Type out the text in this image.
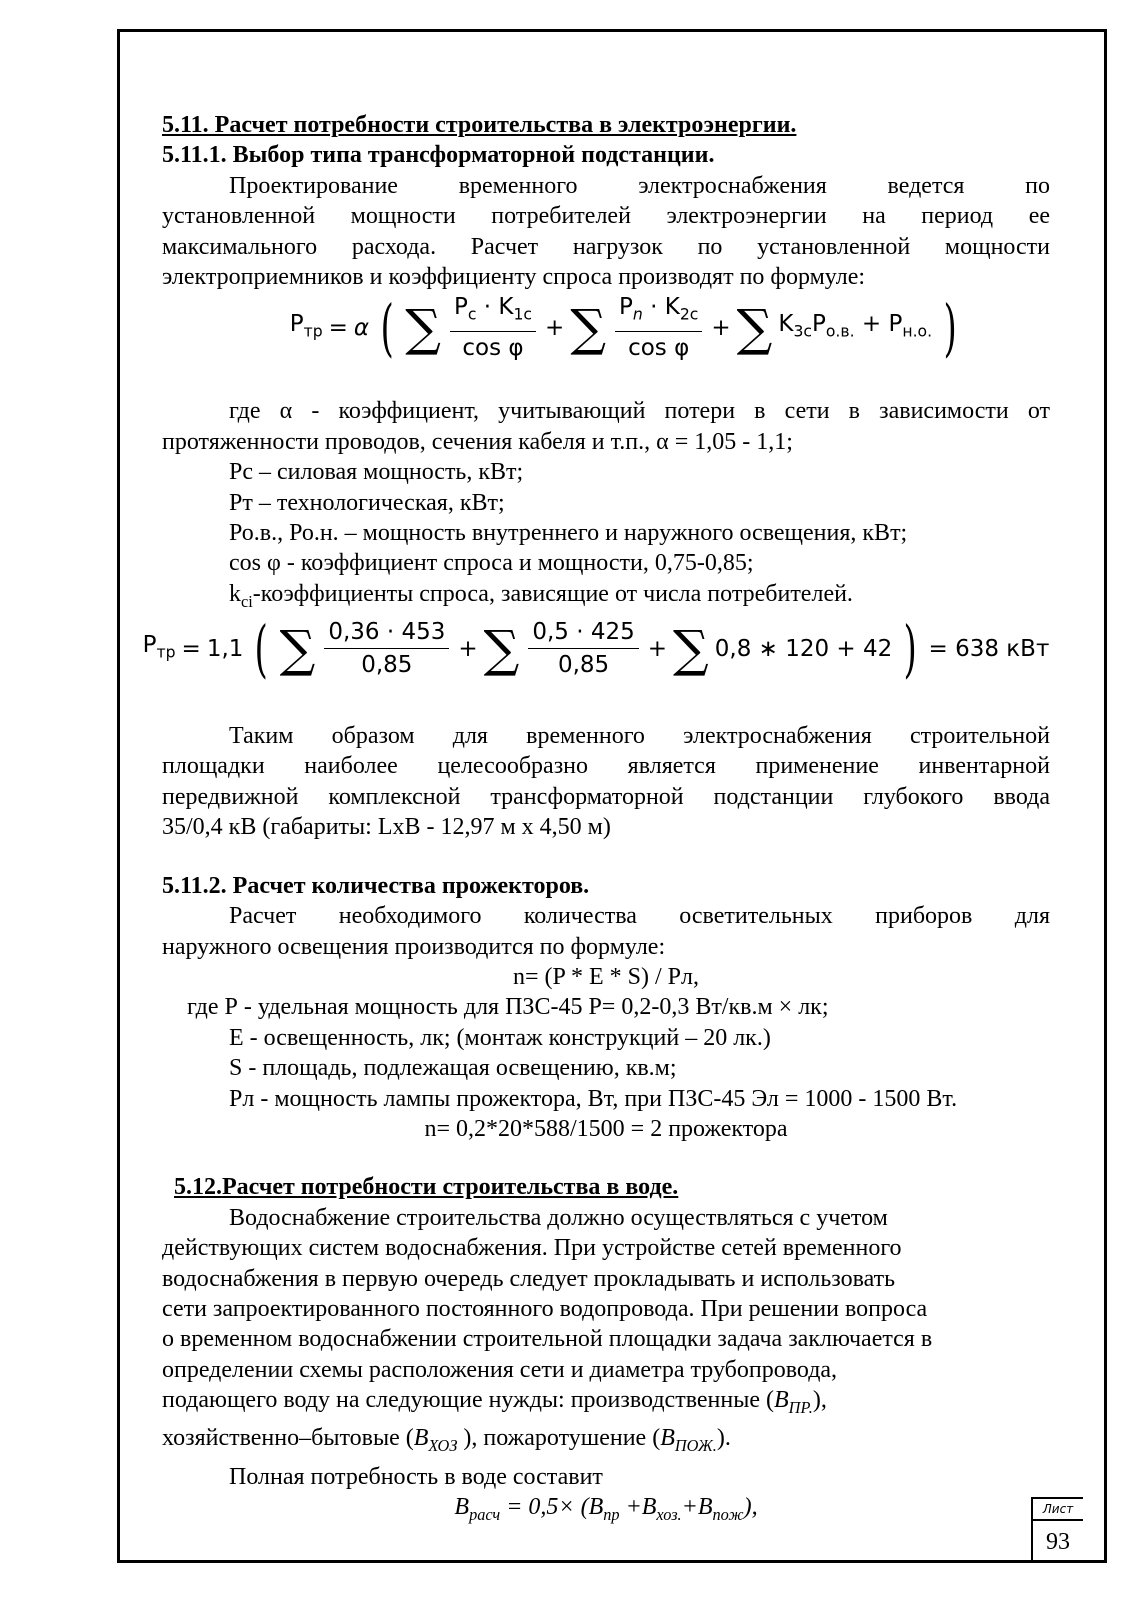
5.11. Расчет потребности строительства в электроэнергии.

5.11.1. Выбор типа трансформаторной подстанции.

Проектирование временного электроснабжения ведется по

установленной мощности потребителей электроэнергии на период ее

максимального расхода. Расчет нагрузок по установленной мощности

электроприемников и коэффициенту спроса производят по формуле:

$P_{тр} = \alpha$ ( ∑ $\frac{P_с \cdot K_{1с}}{\text{cos φ}}$ + ∑ $\frac{P_n \cdot K_{2с}}{\text{cos φ}}$ + ∑ $K_{3с}P_{о.в.} + P_{н.о.}$ )

где α - коэффициент, учитывающий потери в сети в зависимости от

протяженности проводов, сечения кабеля и т.п., α = 1,05 - 1,1;

Рс – силовая мощность, кВт;

Рт – технологическая, кВт;

Ро.в., Ро.н. – мощность внутреннего и наружного освещения, кВт;

cos φ - коэффициент спроса и мощности, 0,75-0,85;

$k_{ci}$-коэффициенты спроса, зависящие от числа потребителей.

$P_{тр} = 1,1$ ( ∑ $\frac{0,36 \cdot 453}{0,85}$ + ∑ $\frac{0,5 \cdot 425}{0,85}$ + ∑ 0,8 ∗ 120 + 42 ) = 638 кВт

Таким образом для временного электроснабжения строительной

площадки наиболее целесообразно является применение инвентарной

передвижной комплексной трансформаторной подстанции глубокого ввода

35/0,4 кВ (габариты: LxB - 12,97 м х 4,50 м)

5.11.2. Расчет количества прожекторов.

Расчет необходимого количества осветительных приборов для

наружного освещения производится по формуле:

n= (P * E * S) / Рл,

где Р - удельная мощность для ПЗС-45 Р= 0,2-0,3 Вт/кв.м × лк;

Е - освещенность, лк; (монтаж конструкций – 20 лк.)

S - площадь, подлежащая освещению, кв.м;

Рл - мощность лампы прожектора, Вт, при ПЗС-45 Эл = 1000 - 1500 Вт.

n= 0,2*20*588/1500 = 2 прожектора

5.12.Расчет потребности строительства в воде.

Водоснабжение строительства должно осуществляться с учетом

действующих систем водоснабжения. При устройстве сетей временного

водоснабжения в первую очередь следует прокладывать и использовать

сети запроектированного постоянного водопровода. При решении вопроса

о временном водоснабжении строительной площадки задача заключается в

определении схемы расположения сети и диаметра трубопровода,

подающего воду на следующие нужды: производственные $(В_{ПР.})$,

хозяйственно–бытовые ($В_{ХОЗ}$ ), пожаротушение $(В_{ПОЖ.})$.

Полная потребность в воде составит

$В_{расч} = 0,5\times (В_{пр} +В_{хоз.}+В_{пож})$,	Лист
93
